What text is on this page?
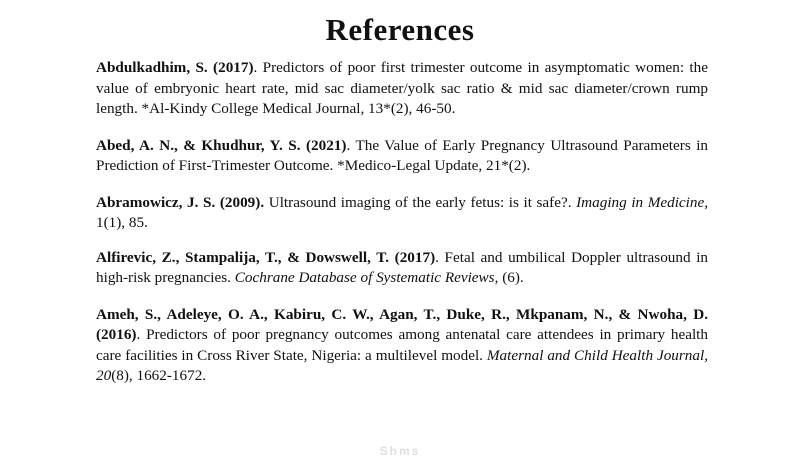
References
Abdulkadhim, S. (2017). Predictors of poor first trimester outcome in asymptomatic women: the value of embryonic heart rate, mid sac diameter/yolk sac ratio & mid sac diameter/crown rump length. *Al-Kindy College Medical Journal, 13*(2), 46-50.
Abed, A. N., & Khudhur, Y. S. (2021). The Value of Early Pregnancy Ultrasound Parameters in Prediction of First-Trimester Outcome. *Medico-Legal Update, 21*(2).
Abramowicz, J. S. (2009). Ultrasound imaging of the early fetus: is it safe?. Imaging in Medicine, 1(1), 85.
Alfirevic, Z., Stampalija, T., & Dowswell, T. (2017). Fetal and umbilical Doppler ultrasound in high-risk pregnancies. Cochrane Database of Systematic Reviews, (6).
Ameh, S., Adeleye, O. A., Kabiru, C. W., Agan, T., Duke, R., Mkpanam, N., & Nwoha, D. (2016). Predictors of poor pregnancy outcomes among antenatal care attendees in primary health care facilities in Cross River State, Nigeria: a multilevel model. Maternal and Child Health Journal, 20(8), 1662-1672.
Shms
